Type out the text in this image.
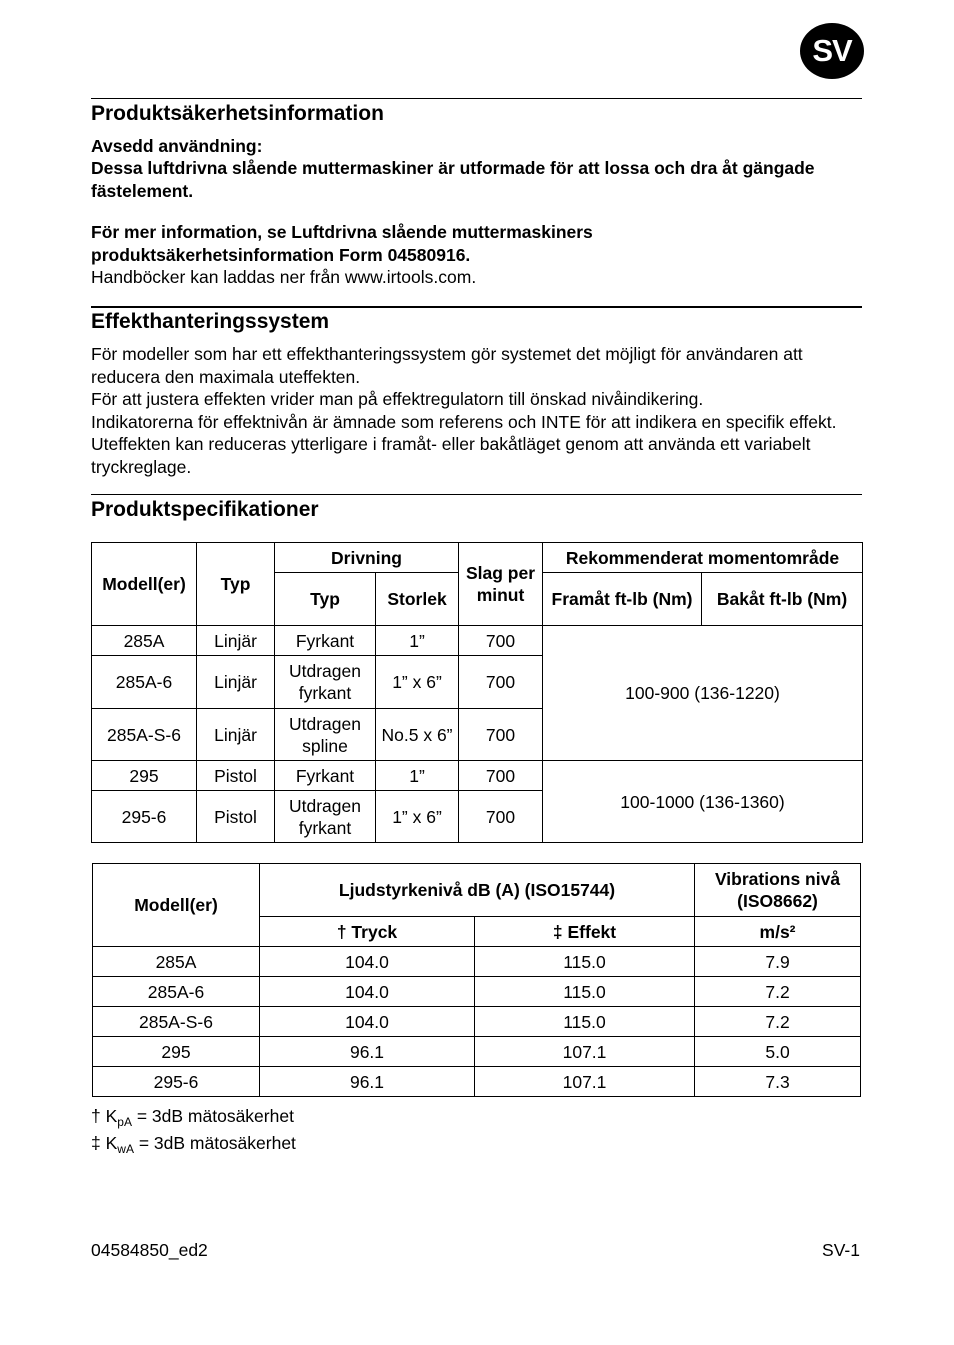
SV
Produktsäkerhetsinformation

Avsedd användning:

Dessa luftdrivna slående muttermaskiner är utformade för att lossa och dra åt gängade fästelement.

För mer information, se Luftdrivna slående muttermaskiners produktsäkerhetsinformation Form 04580916.

Handböcker kan laddas ner från www.irtools.com.

Effekthanteringssystem

För modeller som har ett effekthanteringssystem gör systemet det möjligt för användaren att reducera den maximala uteffekten.
För att justera effekten vrider man på effektregulatorn till önskad nivåindikering.
Indikatorerna för effektnivån är ämnade som referens och INTE för att indikera en specifik effekt. Uteffekten kan reduceras ytterligare i framåt- eller bakåtläget genom att använda ett variabelt tryckreglage.

Produktspecifikationer
Modell(er)	Typ	Drivning		Slag per minut	Rekommenderat momentområde	
		Typ	Storlek		Framåt ft-lb (Nm)	Bakåt ft-lb (Nm)
285A	Linjär	Fyrkant	1”	700	100-900 (136-1220)	
285A-6	Linjär	Utdragen fyrkant	1” x 6”	700		
285A-S-6	Linjär	Utdragen spline	No.5 x 6”	700		
295	Pistol	Fyrkant	1”	700	100-1000 (136-1360)	
295-6	Pistol	Utdragen fyrkant	1” x 6”	700		
Modell(er)	Ljudstyrkenivå dB (A) (ISO15744)		Vibrations nivå (ISO8662)
	† Tryck	‡ Effekt	m/s²
285A	104.0	115.0	7.9
285A-6	104.0	115.0	7.2
285A-S-6	104.0	115.0	7.2
295	96.1	107.1	5.0
295-6	96.1	107.1	7.3
† $K_{pA} = 3dB$ mätosäkerhet
‡ $K_{wA} = 3dB$ mätosäkerhet
04584850_ed2	SV-1
